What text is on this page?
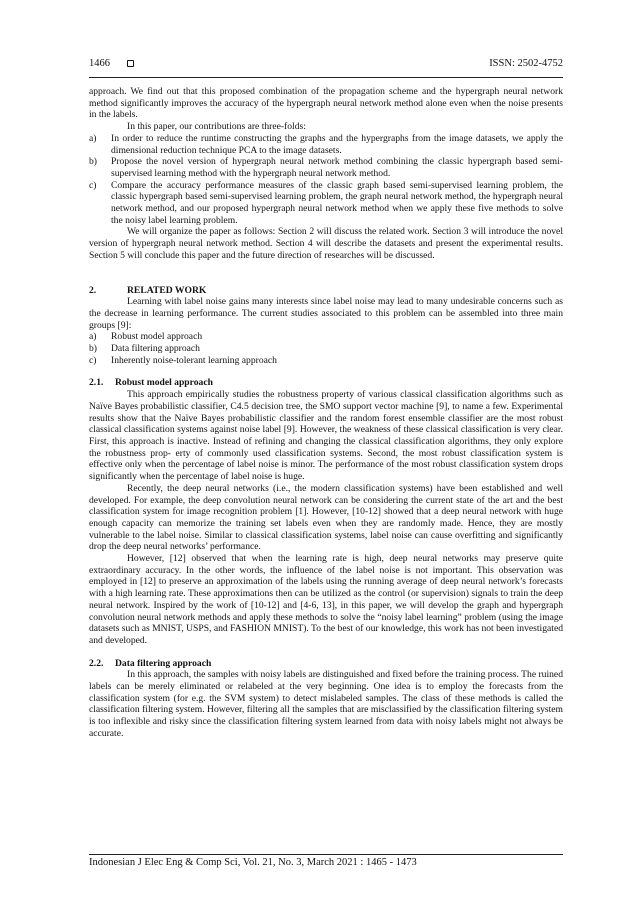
1466	ISSN: 2502-4752

approach. We find out that this proposed combination of the propagation scheme and the hypergraph neural network method significantly improves the accuracy of the hypergraph neural network method alone even when the noise presents in the labels.

In this paper, our contributions are three-folds:

a) In order to reduce the runtime constructing the graphs and the hypergraphs from the image datasets, we apply the dimensional reduction technique PCA to the image datasets.
b) Propose the novel version of hypergraph neural network method combining the classic hypergraph based semi-supervised learning method with the hypergraph neural network method.
c) Compare the accuracy performance measures of the classic graph based semi-supervised learning problem, the classic hypergraph based semi-supervised learning problem, the graph neural network method, the hypergraph neural network method, and our proposed hypergraph neural network method when we apply these five methods to solve the noisy label learning problem.

We will organize the paper as follows: Section 2 will discuss the related work. Section 3 will introduce the novel version of hypergraph neural network method. Section 4 will describe the datasets and present the experimental results. Section 5 will conclude this paper and the future direction of researches will be discussed.

2.	RELATED WORK

Learning with label noise gains many interests since label noise may lead to many undesirable concerns such as the decrease in learning performance. The current studies associated to this problem can be assembled into three main groups [9]:

a) Robust model approach
b) Data filtering approach
c) Inherently noise-tolerant learning approach

2.1. Robust model approach

This approach empirically studies the robustness property of various classical classification algorithms such as Naïve Bayes probabilistic classifier, C4.5 decision tree, the SMO support vector machine [9], to name a few. Experimental results show that the Naïve Bayes probabilistic classifier and the random forest ensemble classifier are the most robust classical classification systems against noise label [9]. However, the weakness of these classical classification is very clear. First, this approach is inactive. Instead of refining and changing the classical classification algorithms, they only explore the robustness prop- erty of commonly used classification systems. Second, the most robust classification system is effective only when the percentage of label noise is minor. The performance of the most robust classification system drops significantly when the percentage of label noise is huge.

Recently, the deep neural networks (i.e., the modern classification systems) have been established and well developed. For example, the deep convolution neural network can be considering the current state of the art and the best classification system for image recognition problem [1]. However, [10-12] showed that a deep neural network with huge enough capacity can memorize the training set labels even when they are randomly made. Hence, they are mostly vulnerable to the label noise. Similar to classical classification systems, label noise can cause overfitting and significantly drop the deep neural networks’ performance.

However, [12] observed that when the learning rate is high, deep neural networks may preserve quite extraordinary accuracy. In the other words, the influence of the label noise is not important. This observation was employed in [12] to preserve an approximation of the labels using the running average of deep neural network’s forecasts with a high learning rate. These approximations then can be utilized as the control (or supervision) signals to train the deep neural network. Inspired by the work of [10-12] and [4-6, 13], in this paper, we will develop the graph and hypergraph convolution neural network methods and apply these methods to solve the “noisy label learning” problem (using the image datasets such as MNIST, USPS, and FASHION MNIST). To the best of our knowledge, this work has not been investigated and developed.

2.2. Data filtering approach

In this approach, the samples with noisy labels are distinguished and fixed before the training process. The ruined labels can be merely eliminated or relabeled at the very beginning. One idea is to employ the forecasts from the classification system (for e.g. the SVM system) to detect mislabeled samples. The class of these methods is called the classification filtering system. However, filtering all the samples that are misclassified by the classification filtering system is too inflexible and risky since the classification filtering system learned from data with noisy labels might not always be accurate.

Indonesian J Elec Eng & Comp Sci, Vol. 21, No. 3, March 2021 : 1465 - 1473
